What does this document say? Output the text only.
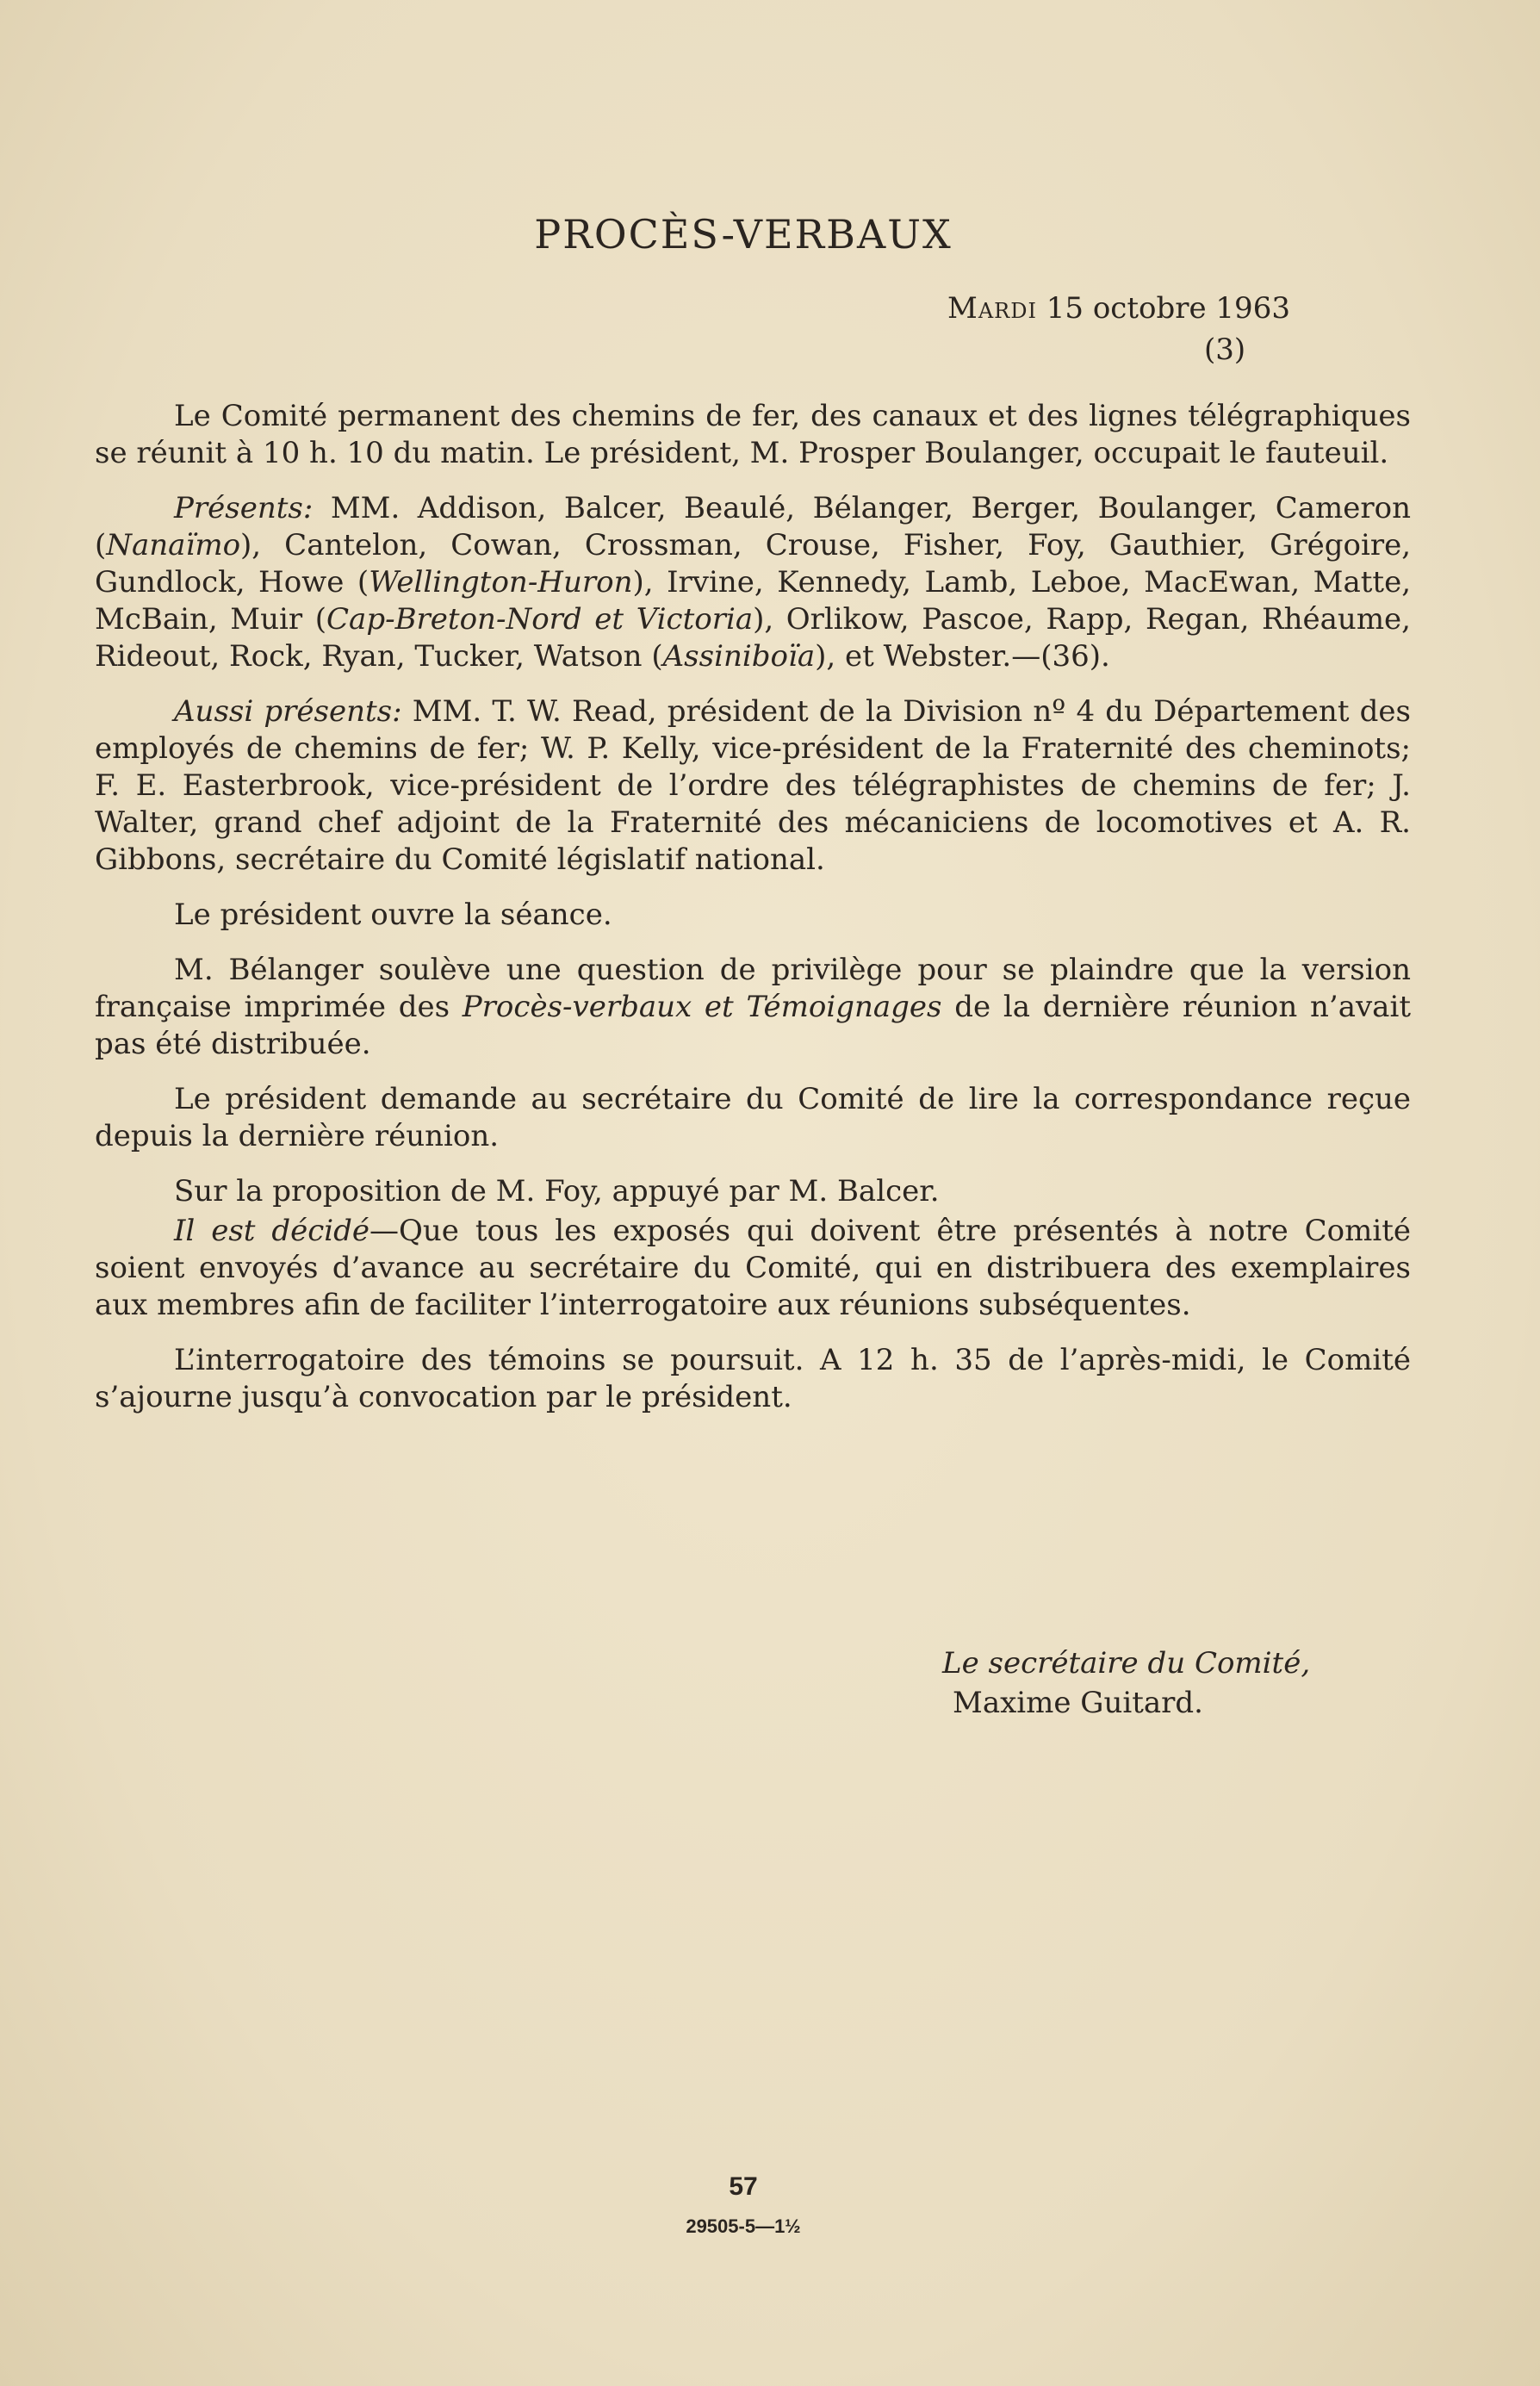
PROCÈS-VERBAUX
Mardi 15 octobre 1963
(3)

Le Comité permanent des chemins de fer, des canaux et des lignes télégraphiques se réunit à 10 h. 10 du matin. Le président, M. Prosper Boulanger, occupait le fauteuil.

Présents: MM. Addison, Balcer, Beaulé, Bélanger, Berger, Boulanger, Cameron (Nanaïmo), Cantelon, Cowan, Crossman, Crouse, Fisher, Foy, Gauthier, Grégoire, Gundlock, Howe (Wellington-Huron), Irvine, Kennedy, Lamb, Leboe, MacEwan, Matte, McBain, Muir (Cap-Breton-Nord et Victoria), Orlikow, Pascoe, Rapp, Regan, Rhéaume, Rideout, Rock, Ryan, Tucker, Watson (Assiniboïa), et Webster.—(36).

Aussi présents: MM. T. W. Read, président de la Division nº 4 du Département des employés de chemins de fer; W. P. Kelly, vice-président de la Fraternité des cheminots; F. E. Easterbrook, vice-président de l’ordre des télégraphistes de chemins de fer; J. Walter, grand chef adjoint de la Fraternité des mécaniciens de locomotives et A. R. Gibbons, secrétaire du Comité législatif national.

Le président ouvre la séance.

M. Bélanger soulève une question de privilège pour se plaindre que la version française imprimée des Procès-verbaux et Témoignages de la dernière réunion n’avait pas été distribuée.

Le président demande au secrétaire du Comité de lire la correspondance reçue depuis la dernière réunion.

Sur la proposition de M. Foy, appuyé par M. Balcer.

Il est décidé—Que tous les exposés qui doivent être présentés à notre Comité soient envoyés d’avance au secrétaire du Comité, qui en distribuera des exemplaires aux membres afin de faciliter l’interrogatoire aux réunions subséquentes.

L’interrogatoire des témoins se poursuit. A 12 h. 35 de l’après-midi, le Comité s’ajourne jusqu’à convocation par le président.

Le secrétaire du Comité,
Maxime Guitard.
57
29505-5—1½
